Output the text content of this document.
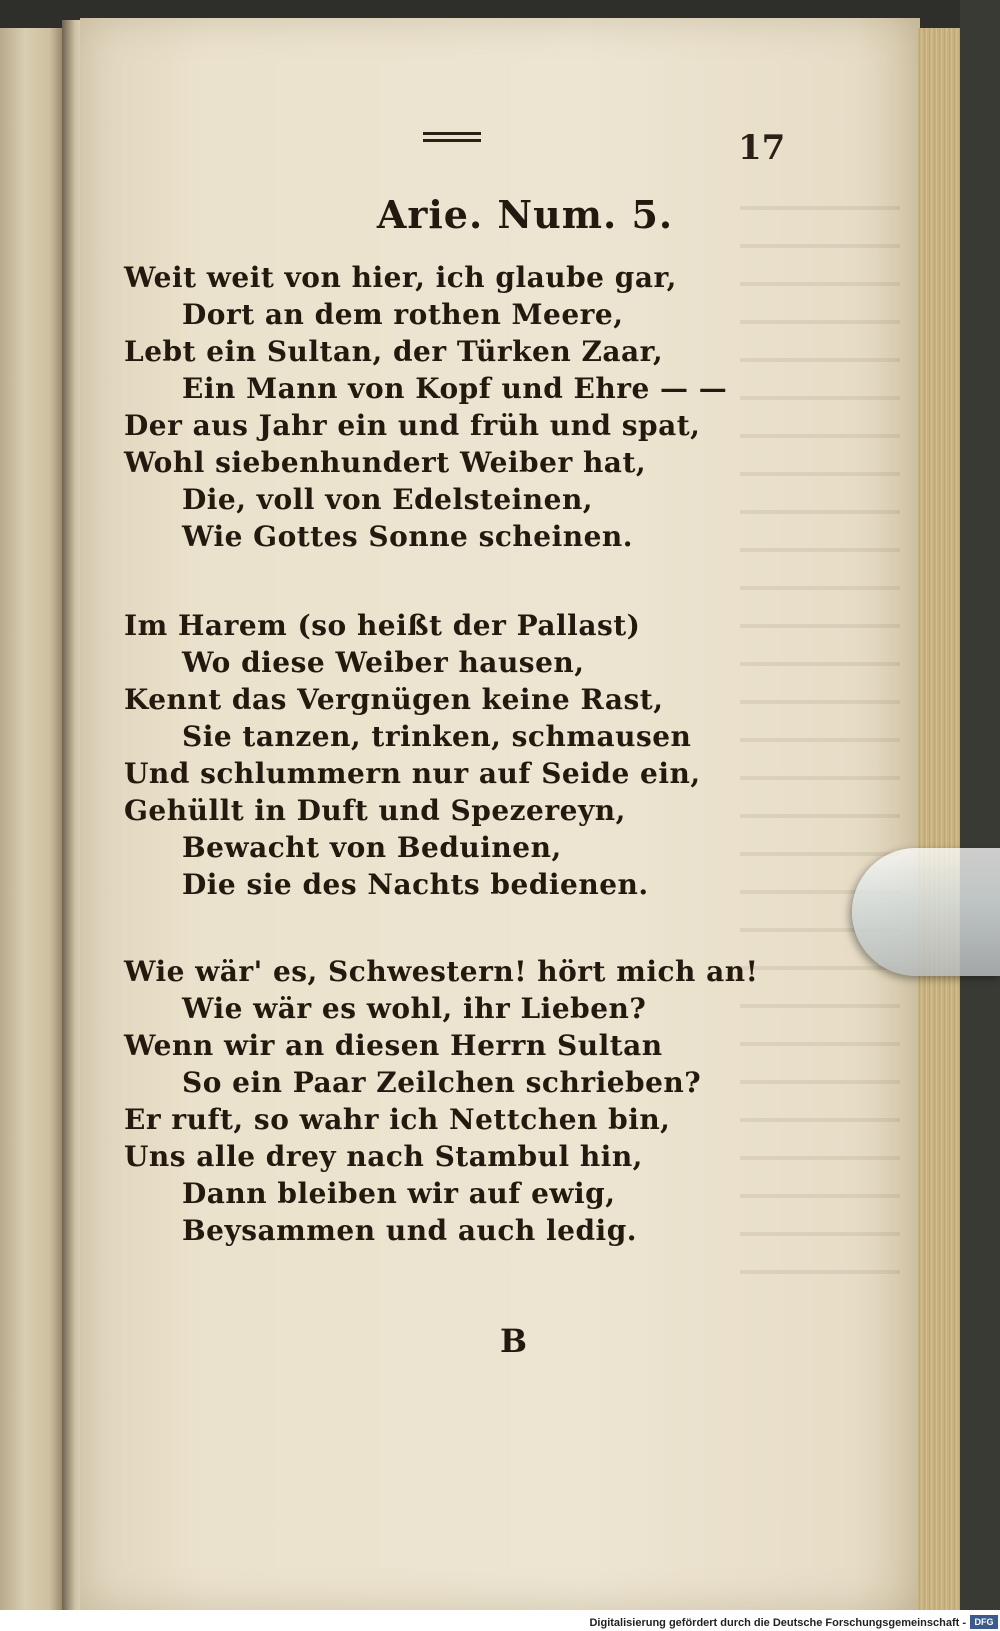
17
Arie. Num. 5.
Weit weit von hier, ich glaube gar,
Dort an dem rothen Meere,
Lebt ein Sultan, der Türken Zaar,
Ein Mann von Kopf und Ehre — —
Der aus Jahr ein und früh und spat,
Wohl siebenhundert Weiber hat,
Die, voll von Edelsteinen,
Wie Gottes Sonne scheinen.
Im Harem (so heißt der Pallast)
Wo diese Weiber hausen,
Kennt das Vergnügen keine Rast,
Sie tanzen, trinken, schmausen
Und schlummern nur auf Seide ein,
Gehüllt in Duft und Spezereyn,
Bewacht von Beduinen,
Die sie des Nachts bedienen.
Wie wär' es, Schwestern! hört mich an!
Wie wär es wohl, ihr Lieben?
Wenn wir an diesen Herrn Sultan
So ein Paar Zeilchen schrieben?
Er ruft, so wahr ich Nettchen bin,
Uns alle drey nach Stambul hin,
Dann bleiben wir auf ewig,
Beysammen und auch ledig.
B
Digitalisierung gefördert durch die Deutsche Forschungsgemeinschaft - DFG
